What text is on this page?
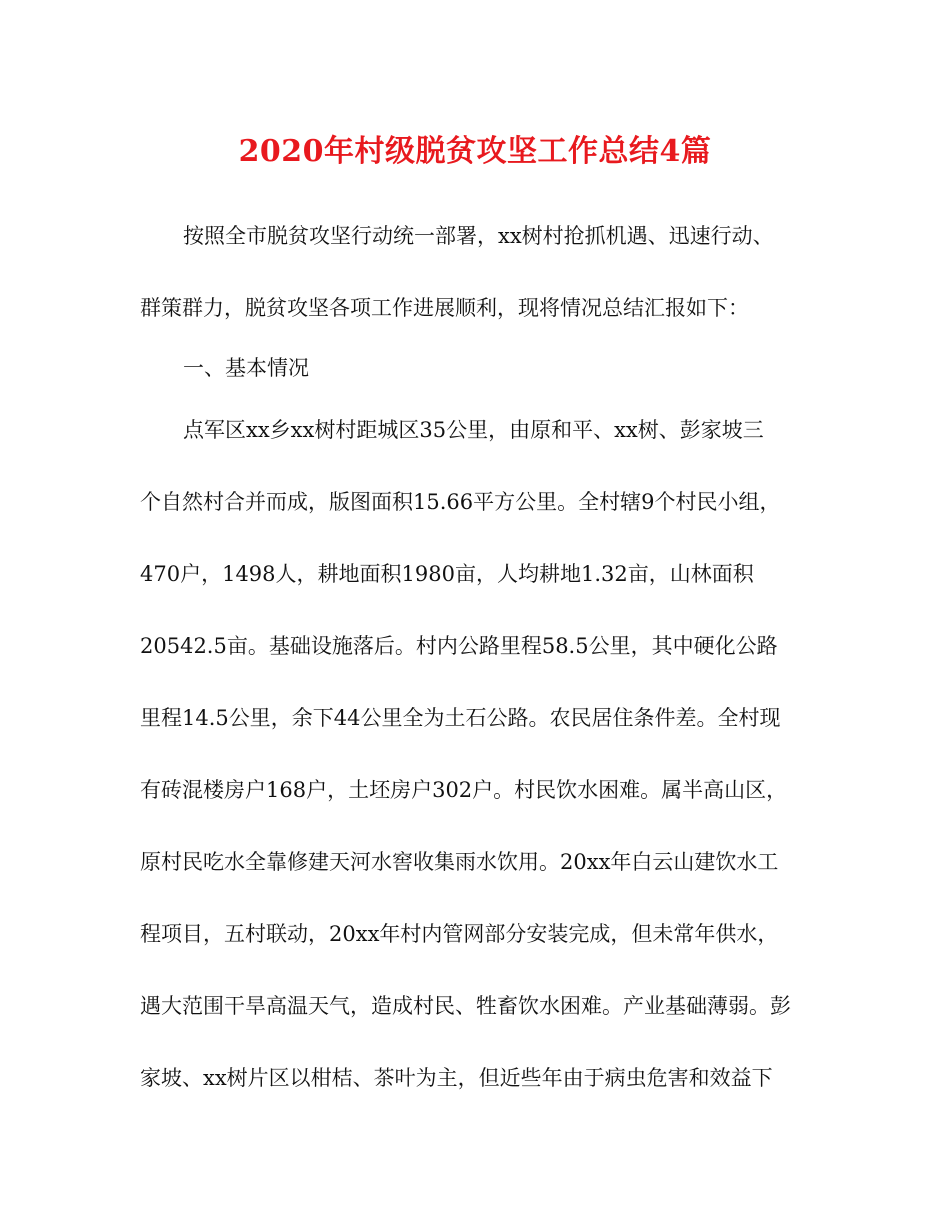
2020年村级脱贫攻坚工作总结4篇
按照全市脱贫攻坚行动统一部署，xx树村抢抓机遇、迅速行动、
群策群力，脱贫攻坚各项工作进展顺利，现将情况总结汇报如下：
一、基本情况
点军区xx乡xx树村距城区35公里，由原和平、xx树、彭家坡三
个自然村合并而成，版图面积15.66平方公里。全村辖9个村民小组，
470户，1498人，耕地面积1980亩，人均耕地1.32亩，山林面积
20542.5亩。基础设施落后。村内公路里程58.5公里，其中硬化公路
里程14.5公里，余下44公里全为土石公路。农民居住条件差。全村现
有砖混楼房户168户，土坯房户302户。村民饮水困难。属半高山区，
原村民吃水全靠修建天河水窖收集雨水饮用。20xx年白云山建饮水工
程项目，五村联动，20xx年村内管网部分安装完成，但未常年供水，
遇大范围干旱高温天气，造成村民、牲畜饮水困难。产业基础薄弱。彭
家坡、xx树片区以柑桔、茶叶为主，但近些年由于病虫危害和效益下
